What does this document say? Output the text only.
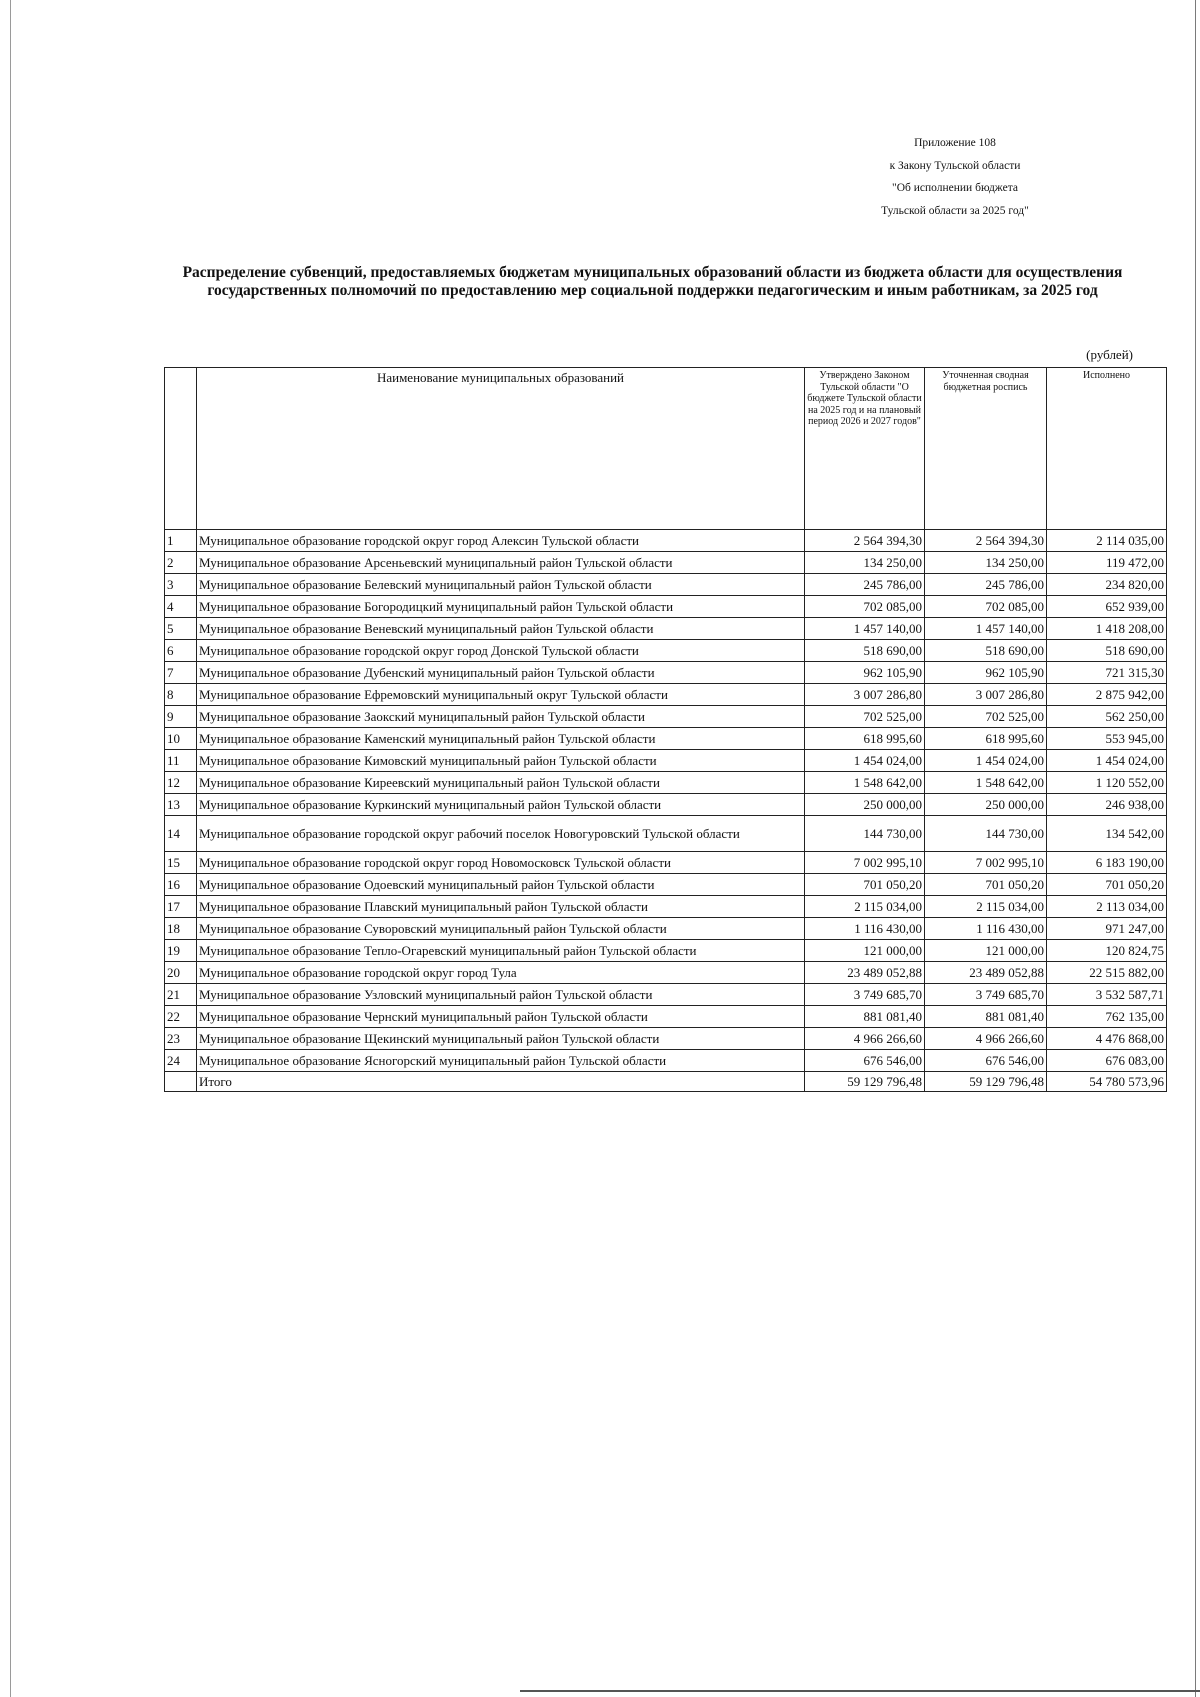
Приложение 108
к Закону Тульской области
"Об исполнении бюджета
Тульской области за 2025 год"
Распределение субвенций, предоставляемых бюджетам муниципальных образований области из бюджета области для осуществления государственных полномочий по предоставлению мер социальной поддержки педагогическим и иным работникам, за 2025 год
(рублей)
	Наименование муниципальных образований	Утверждено Законом Тульской области "О бюджете Тульской области на 2025 год и на плановый период 2026 и 2027 годов"	Уточненная сводная бюджетная роспись	Исполнено
1	Муниципальное образование городской округ город Алексин Тульской области	2 564 394,30	2 564 394,30	2 114 035,00
2	Муниципальное образование Арсеньевский муниципальный район Тульской области	134 250,00	134 250,00	119 472,00
3	Муниципальное образование Белевский муниципальный район Тульской области	245 786,00	245 786,00	234 820,00
4	Муниципальное образование Богородицкий муниципальный район Тульской области	702 085,00	702 085,00	652 939,00
5	Муниципальное образование Веневский муниципальный район Тульской области	1 457 140,00	1 457 140,00	1 418 208,00
6	Муниципальное образование городской округ город Донской Тульской области	518 690,00	518 690,00	518 690,00
7	Муниципальное образование Дубенский муниципальный район Тульской области	962 105,90	962 105,90	721 315,30
8	Муниципальное образование Ефремовский муниципальный округ Тульской области	3 007 286,80	3 007 286,80	2 875 942,00
9	Муниципальное образование Заокский муниципальный район Тульской области	702 525,00	702 525,00	562 250,00
10	Муниципальное образование Каменский муниципальный район Тульской области	618 995,60	618 995,60	553 945,00
11	Муниципальное образование Кимовский муниципальный район Тульской области	1 454 024,00	1 454 024,00	1 454 024,00
12	Муниципальное образование Киреевский муниципальный район Тульской области	1 548 642,00	1 548 642,00	1 120 552,00
13	Муниципальное образование Куркинский муниципальный район Тульской области	250 000,00	250 000,00	246 938,00
14	Муниципальное образование городской округ рабочий поселок Новогуровский Тульской области	144 730,00	144 730,00	134 542,00
15	Муниципальное образование городской округ город Новомосковск Тульской области	7 002 995,10	7 002 995,10	6 183 190,00
16	Муниципальное образование Одоевский муниципальный район Тульской области	701 050,20	701 050,20	701 050,20
17	Муниципальное образование Плавский муниципальный район Тульской области	2 115 034,00	2 115 034,00	2 113 034,00
18	Муниципальное образование Суворовский муниципальный район Тульской области	1 116 430,00	1 116 430,00	971 247,00
19	Муниципальное образование Тепло-Огаревский муниципальный район Тульской области	121 000,00	121 000,00	120 824,75
20	Муниципальное образование городской округ город Тула	23 489 052,88	23 489 052,88	22 515 882,00
21	Муниципальное образование Узловский муниципальный район Тульской области	3 749 685,70	3 749 685,70	3 532 587,71
22	Муниципальное образование Чернский муниципальный район Тульской области	881 081,40	881 081,40	762 135,00
23	Муниципальное образование Щекинский муниципальный район Тульской области	4 966 266,60	4 966 266,60	4 476 868,00
24	Муниципальное образование Ясногорский муниципальный район Тульской области	676 546,00	676 546,00	676 083,00
	Итого	59 129 796,48	59 129 796,48	54 780 573,96
